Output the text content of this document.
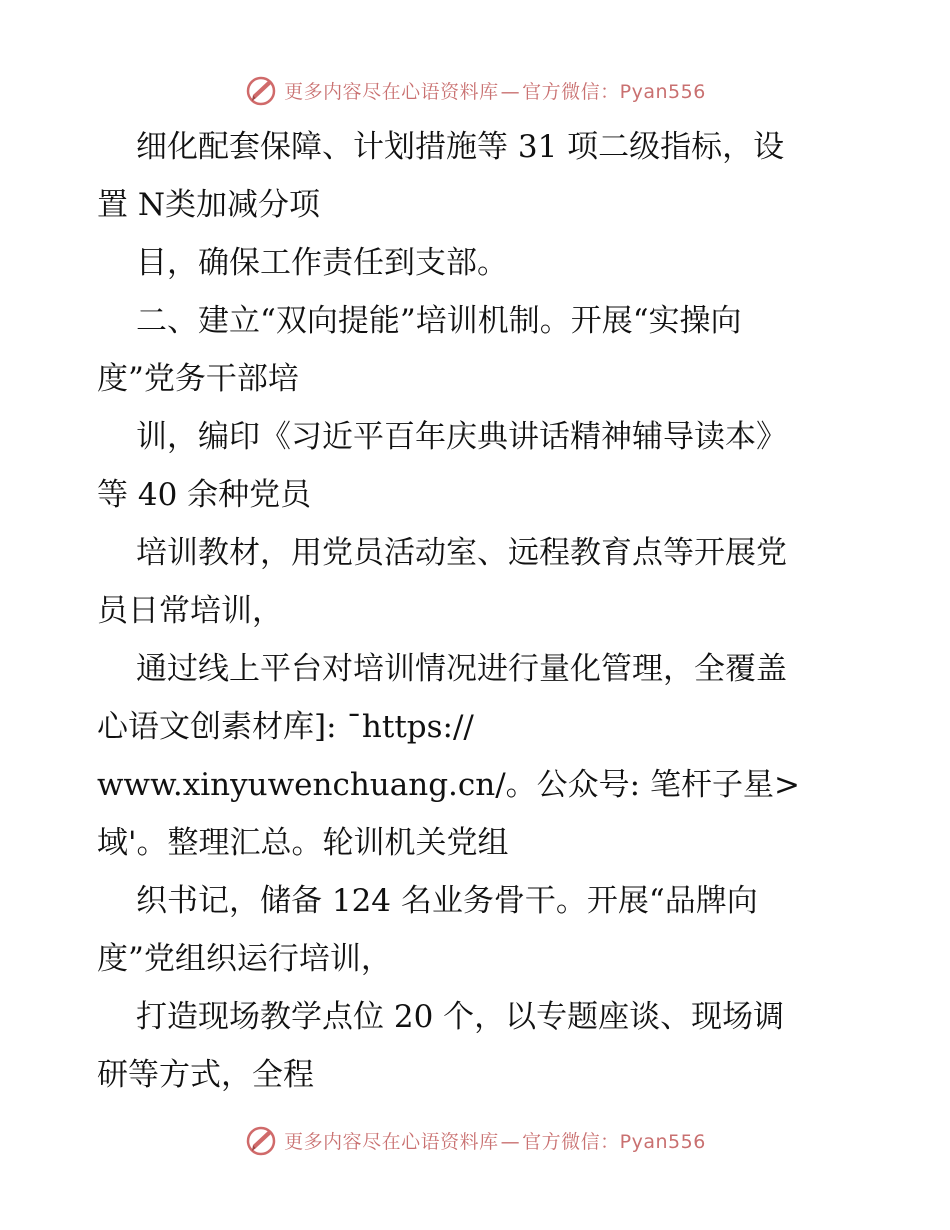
更多内容尽在心语资料库 — 官方微信：Pyan556
细化配套保障、计划措施等 31 项二级指标，设
置 N类加减分项
目，确保工作责任到支部。
二、建立“双向提能”培训机制。开展“实操向
度”党务干部培
训，编印《习近平百年庆典讲话精神辅导读本》
等 40 余种党员
培训教材，用党员活动室、远程教育点等开展党
员日常培训，
通过线上平台对培训情况进行量化管理，全覆盖
心语文创素材库]: ¯https://
www.xinyuwenchuang.cn/。公众号: 笔杆子星>
域'。整理汇总。轮训机关党组
织书记，储备 124 名业务骨干。开展“品牌向
度”党组织运行培训，
打造现场教学点位 20 个，以专题座谈、现场调
研等方式，全程
更多内容尽在心语资料库 — 官方微信：Pyan556
